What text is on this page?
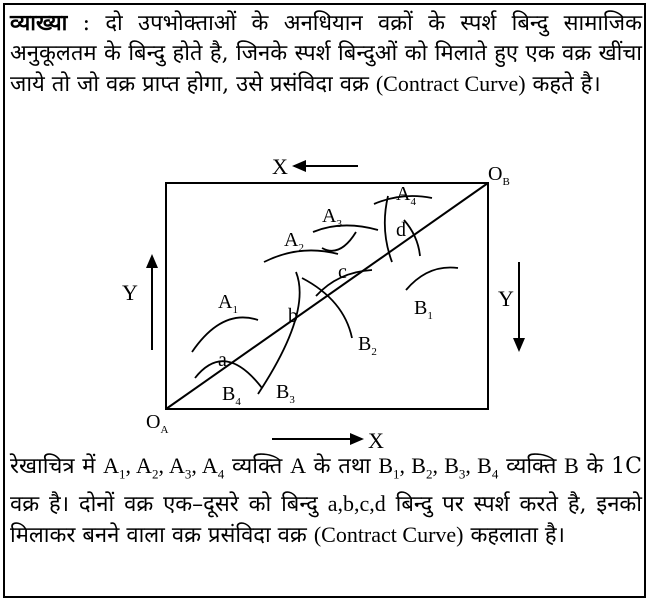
व्याख्या : दो उपभोक्ताओं के अनधियान वक्रों के स्पर्श बिन्दु सामाजिक अनुकूलतम के बिन्दु होते है, जिनके स्पर्श बिन्दुओं को मिलाते हुए एक वक्र खींचा जाये तो जो वक्र प्राप्त होगा, उसे प्रसंविदा वक्र (Contract Curve) कहते है।
X
X
Y	Y
$O_A$
$O_B$
a
b
c
d
$A_1$
$A_2$
$A_3$
$A_4$
$B_1$
$B_2$
$B_3$
$B_4$
रेखाचित्र में $A_1$, $A_2$, $A_3$, $A_4$ व्यक्ति A के तथा $B_1$, $B_2$, $B_3$, $B_4$ व्यक्ति B के 1C वक्र है। दोनों वक्र एक–दूसरे को बिन्दु a,b,c,d बिन्दु पर स्पर्श करते है, इनको मिलाकर बनने वाला वक्र प्रसंविदा वक्र (Contract Curve) कहलाता है।
